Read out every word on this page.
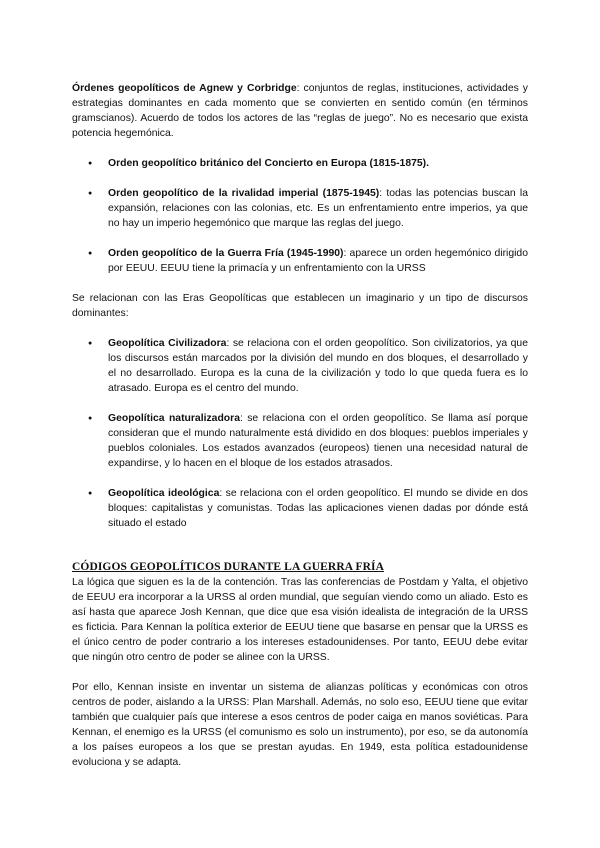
Órdenes geopolíticos de Agnew y Corbridge: conjuntos de reglas, instituciones, actividades y estrategias dominantes en cada momento que se convierten en sentido común (en términos gramscianos). Acuerdo de todos los actores de las “reglas de juego”. No es necesario que exista potencia hegemónica.

● Orden geopolítico británico del Concierto en Europa (1815-1875).
● Orden geopolítico de la rivalidad imperial (1875-1945): todas las potencias buscan la expansión, relaciones con las colonias, etc. Es un enfrentamiento entre imperios, ya que no hay un imperio hegemónico que marque las reglas del juego.
● Orden geopolítico de la Guerra Fría (1945-1990): aparece un orden hegemónico dirigido por EEUU. EEUU tiene la primacía y un enfrentamiento con la URSS

Se relacionan con las Eras Geopolíticas que establecen un imaginario y un tipo de discursos dominantes:

● Geopolítica Civilizadora: se relaciona con el orden geopolítico. Son civilizatorios, ya que los discursos están marcados por la división del mundo en dos bloques, el desarrollado y el no desarrollado. Europa es la cuna de la civilización y todo lo que queda fuera es lo atrasado. Europa es el centro del mundo.
● Geopolítica naturalizadora: se relaciona con el orden geopolítico. Se llama así porque consideran que el mundo naturalmente está dividido en dos bloques: pueblos imperiales y pueblos coloniales. Los estados avanzados (europeos) tienen una necesidad natural de expandirse, y lo hacen en el bloque de los estados atrasados.
● Geopolítica ideológica: se relaciona con el orden geopolítico. El mundo se divide en dos bloques: capitalistas y comunistas. Todas las aplicaciones vienen dadas por dónde está situado el estado
CÓDIGOS GEOPOLÍTICOS DURANTE LA GUERRA FRÍA

La lógica que siguen es la de la contención. Tras las conferencias de Postdam y Yalta, el objetivo de EEUU era incorporar a la URSS al orden mundial, que seguían viendo como un aliado. Esto es así hasta que aparece Josh Kennan, que dice que esa visión idealista de integración de la URSS es ficticia. Para Kennan la política exterior de EEUU tiene que basarse en pensar que la URSS es el único centro de poder contrario a los intereses estadounidenses. Por tanto, EEUU debe evitar que ningún otro centro de poder se alinee con la URSS.

Por ello, Kennan insiste en inventar un sistema de alianzas políticas y económicas con otros centros de poder, aislando a la URSS: Plan Marshall. Además, no solo eso, EEUU tiene que evitar también que cualquier país que interese a esos centros de poder caiga en manos soviéticas. Para Kennan, el enemigo es la URSS (el comunismo es solo un instrumento), por eso, se da autonomía a los países europeos a los que se prestan ayudas. En 1949, esta política estadounidense evoluciona y se adapta.
